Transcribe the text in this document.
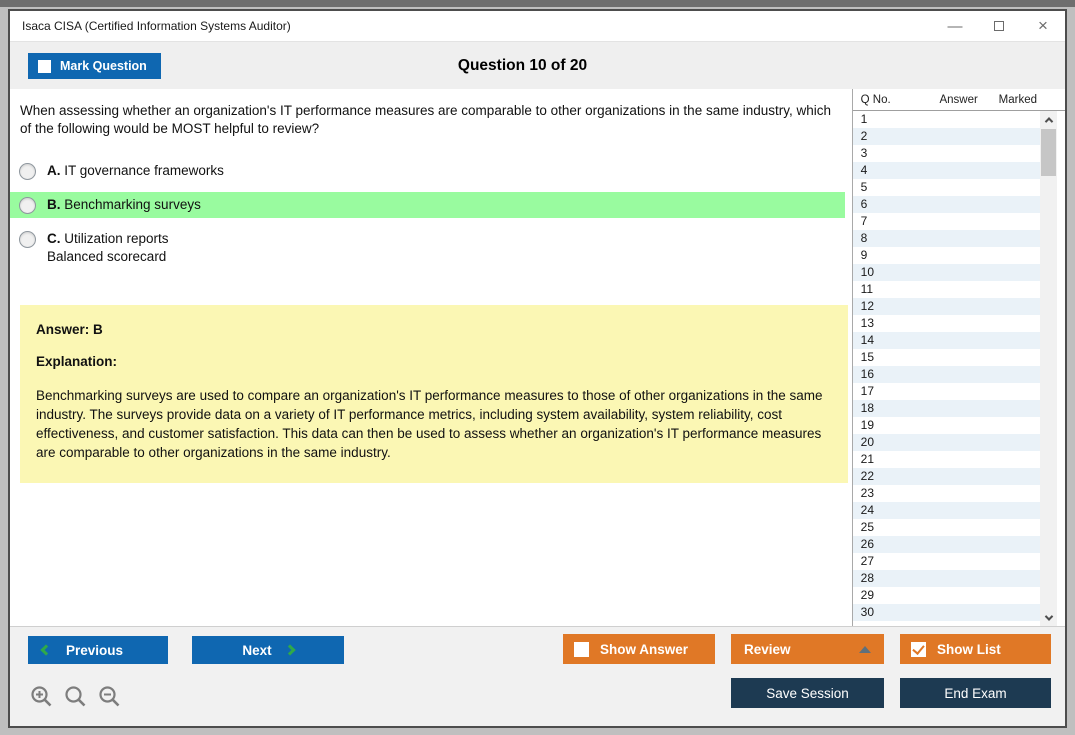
Isaca CISA (Certified Information Systems Auditor)	—	×
Mark Question	Question 10 of 20
When assessing whether an organization's IT performance measures are comparable to other organizations in the same industry, which of the following would be MOST helpful to review?
A. IT governance frameworks
B. Benchmarking surveys
C. Utilization reports
Balanced scorecard
Answer: B
Explanation:
Benchmarking surveys are used to compare an organization's IT performance measures to those of other organizations in the same industry. The surveys provide data on a variety of IT performance metrics, including system availability, system reliability, cost effectiveness, and customer satisfaction. This data can then be used to assess whether an organization's IT performance measures are comparable to other organizations in the same industry.
Q No.	Answer	Marked
1
2
3
4
5
6
7
8
9
10
11
12
13
14
15
16
17
18
19
20
21
22
23
24
25
26
27
28
29
30
Previous	Next	Show Answer	Review	Show List
Save Session	End Exam
